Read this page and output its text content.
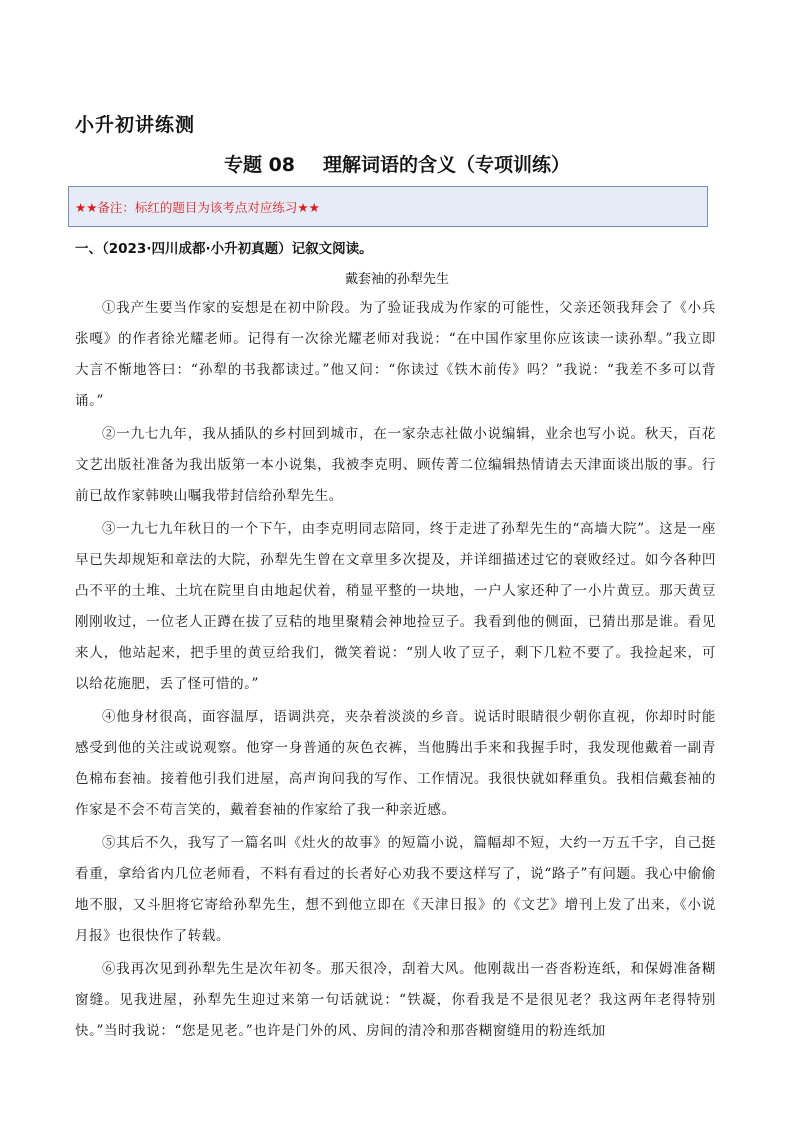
小升初讲练测
专题 08 理解词语的含义（专项训练）
★★备注：标红的题目为该考点对应练习★★
一、（2023·四川成都·小升初真题）记叙文阅读。
戴套袖的孙犁先生

①我产生要当作家的妄想是在初中阶段。为了验证我成为作家的可能性，父亲还领我拜会了《小兵张嘎》的作者徐光耀老师。记得有一次徐光耀老师对我说：“在中国作家里你应该读一读孙犁。”我立即大言不惭地答曰：“孙犁的书我都读过。”他又问：“你读过《铁木前传》吗？”我说：“我差不多可以背诵。”

②一九七九年，我从插队的乡村回到城市，在一家杂志社做小说编辑，业余也写小说。秋天，百花文艺出版社准备为我出版第一本小说集，我被李克明、顾传菁二位编辑热情请去天津面谈出版的事。行前已故作家韩映山嘱我带封信给孙犁先生。

③一九七九年秋日的一个下午，由李克明同志陪同，终于走进了孙犁先生的“高墙大院”。这是一座早已失却规矩和章法的大院，孙犁先生曾在文章里多次提及，并详细描述过它的衰败经过。如今各种凹凸不平的土堆、土坑在院里自由地起伏着，稍显平整的一块地，一户人家还种了一小片黄豆。那天黄豆刚刚收过，一位老人正蹲在拔了豆秸的地里聚精会神地捡豆子。我看到他的侧面，已猜出那是谁。看见来人，他站起来，把手里的黄豆给我们，微笑着说：“别人收了豆子，剩下几粒不要了。我捡起来，可以给花施肥，丢了怪可惜的。”

④他身材很高，面容温厚，语调洪亮，夹杂着淡淡的乡音。说话时眼睛很少朝你直视，你却时时能感受到他的关注或说观察。他穿一身普通的灰色衣裤，当他腾出手来和我握手时，我发现他戴着一副青色棉布套袖。接着他引我们进屋，高声询问我的写作、工作情况。我很快就如释重负。我相信戴套袖的作家是不会不苟言笑的，戴着套袖的作家给了我一种亲近感。

⑤其后不久，我写了一篇名叫《灶火的故事》的短篇小说，篇幅却不短，大约一万五千字，自己挺看重，拿给省内几位老师看，不料有看过的长者好心劝我不要这样写了，说“路子”有问题。我心中偷偷地不服，又斗胆将它寄给孙犁先生，想不到他立即在《天津日报》的《文艺》增刊上发了出来，《小说月报》也很快作了转载。

⑥我再次见到孙犁先生是次年初冬。那天很冷，刮着大风。他刚裁出一沓沓粉连纸，和保姆准备糊窗缝。见我进屋，孙犁先生迎过来第一句话就说：“铁凝，你看我是不是很见老？我这两年老得特别快。”当时我说：“您是见老。”也许是门外的风、房间的清冷和那沓糊窗缝用的粉连纸加
